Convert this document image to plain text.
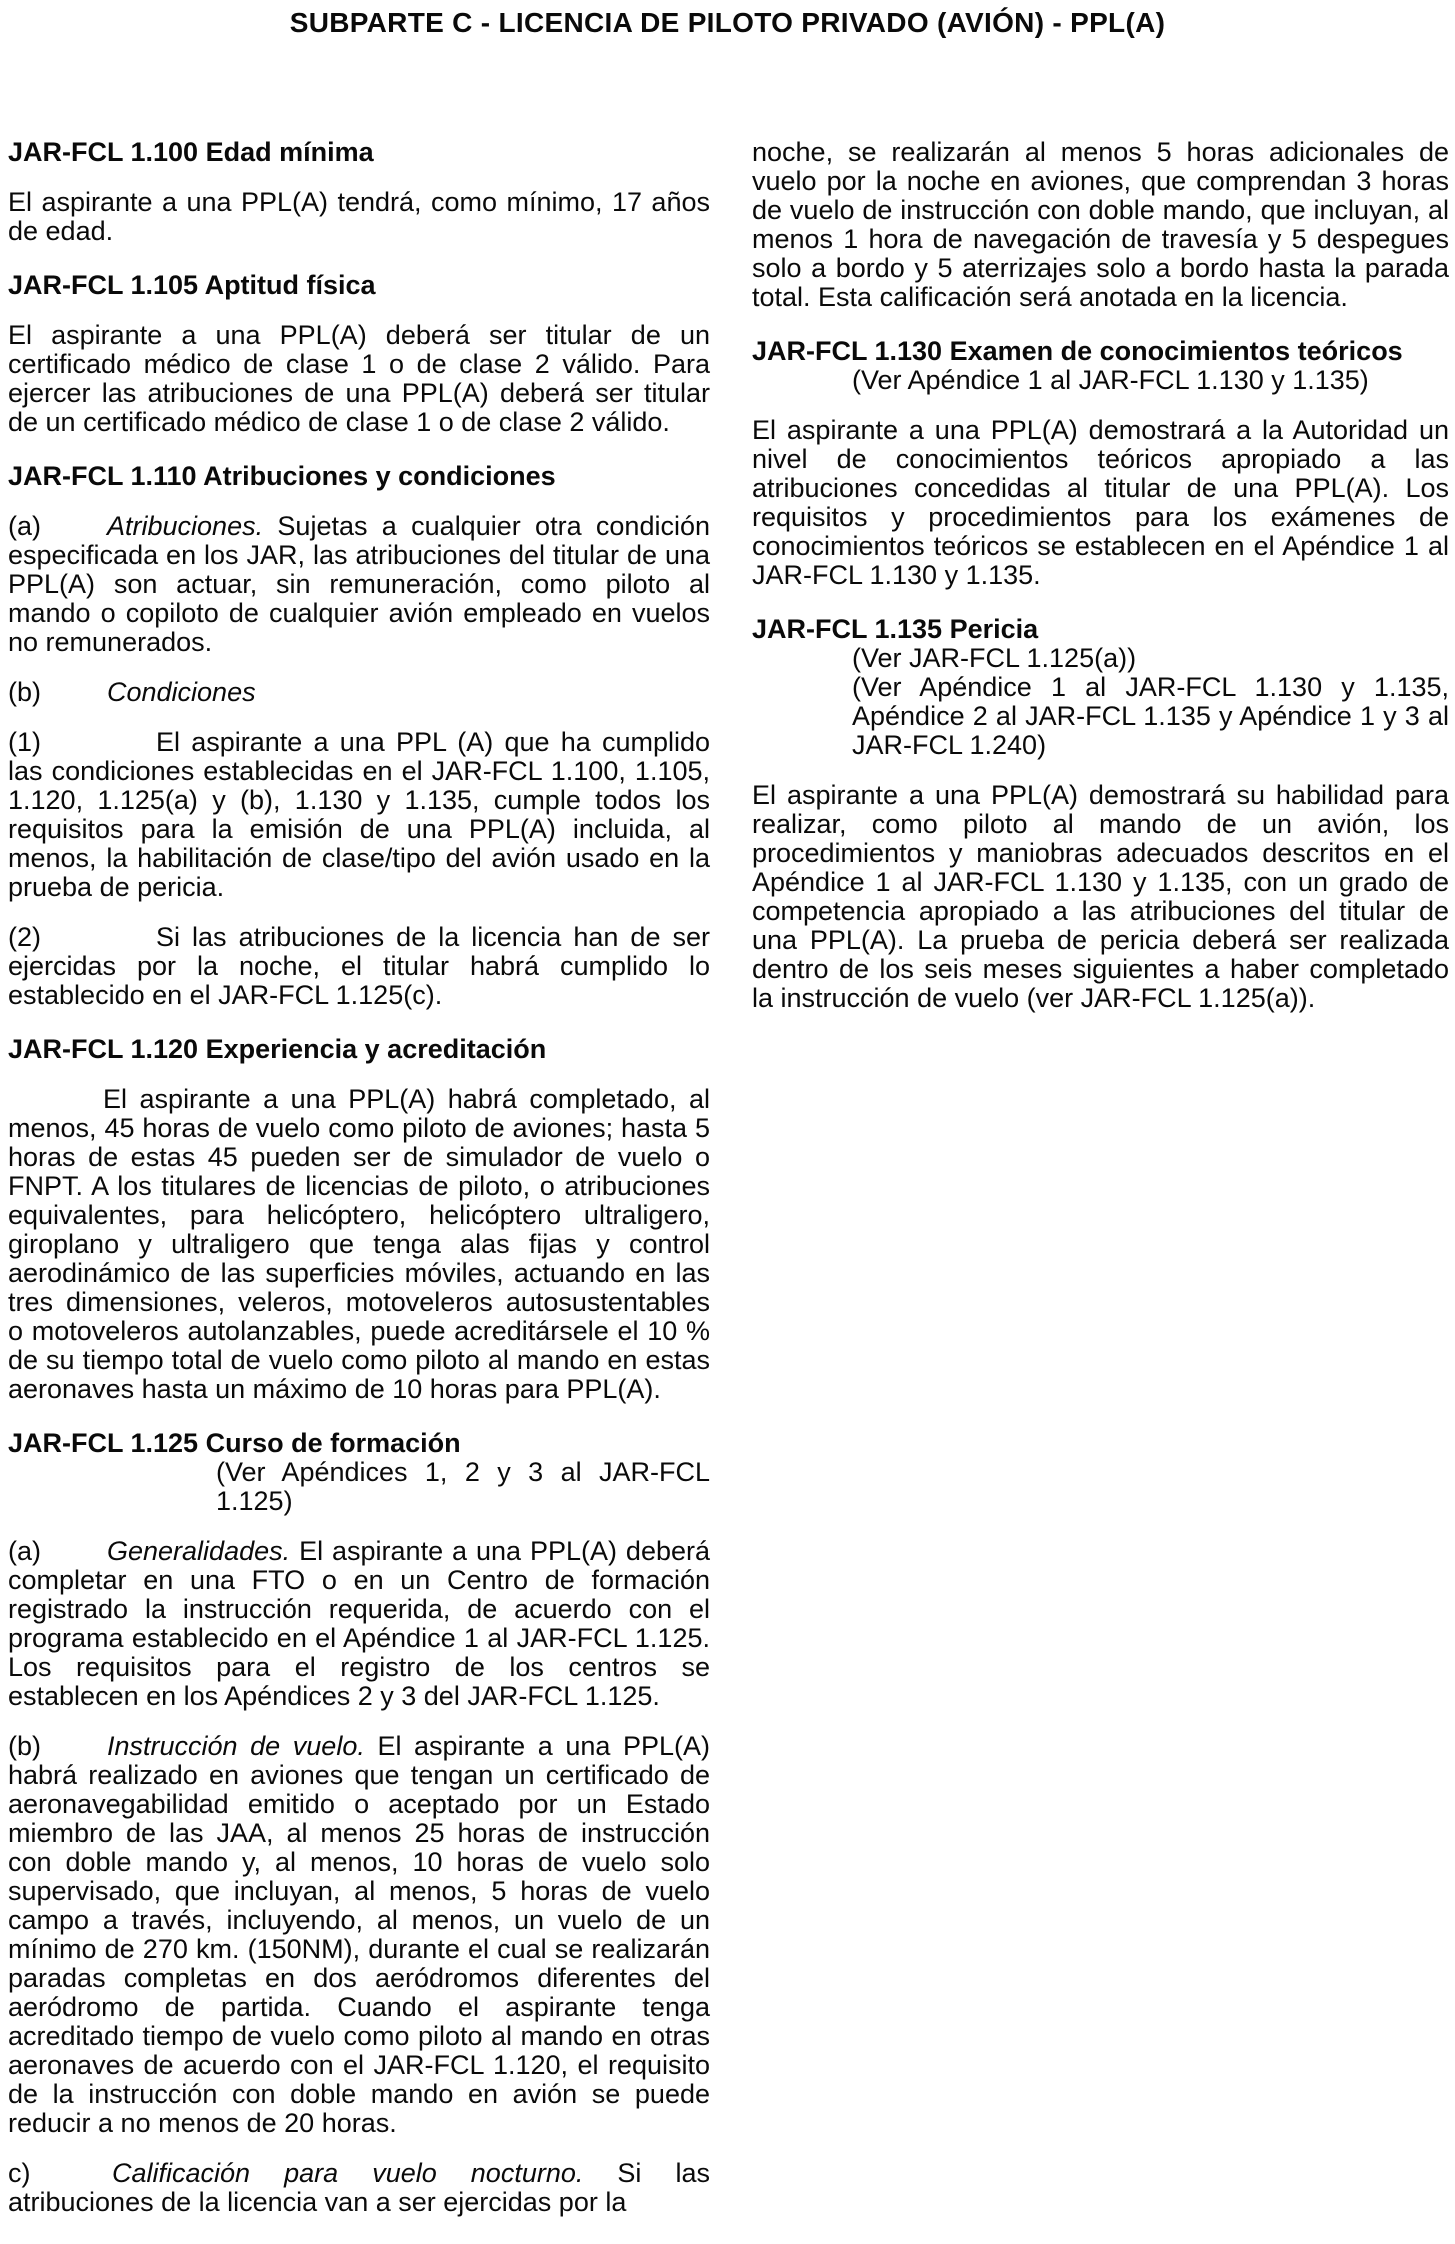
SUBPARTE C - LICENCIA DE PILOTO PRIVADO (AVIÓN) - PPL(A)

JAR-FCL 1.100 Edad mínima

El aspirante a una PPL(A) tendrá, como mínimo, 17 años de edad.

JAR-FCL 1.105 Aptitud física

El aspirante a una PPL(A) deberá ser titular de un certificado médico de clase 1 o de clase 2 válido. Para ejercer las atribuciones de una PPL(A) deberá ser titular de un certificado médico de clase 1 o de clase 2 válido.

JAR-FCL 1.110 Atribuciones y condiciones

(a) Atribuciones. Sujetas a cualquier otra condición especificada en los JAR, las atribuciones del titular de una PPL(A) son actuar, sin remuneración, como piloto al mando o copiloto de cualquier avión empleado en vuelos no remunerados.

(b) Condiciones

(1)	El aspirante a una PPL (A) que ha cumplido las condiciones establecidas en el JAR-FCL 1.100, 1.105, 1.120, 1.125(a) y (b), 1.130 y 1.135, cumple todos los requisitos para la emisión de una PPL(A) incluida, al menos, la habilitación de clase/tipo del avión usado en la prueba de pericia.

(2)	Si las atribuciones de la licencia han de ser ejercidas por la noche, el titular habrá cumplido lo establecido en el JAR-FCL 1.125(c).

JAR-FCL 1.120 Experiencia y acreditación

El aspirante a una PPL(A) habrá completado, al menos, 45 horas de vuelo como piloto de aviones; hasta 5 horas de estas 45 pueden ser de simulador de vuelo o FNPT. A los titulares de licencias de piloto, o atribuciones equivalentes, para helicóptero, helicóptero ultraligero, giroplano y ultraligero que tenga alas fijas y control aerodinámico de las superficies móviles, actuando en las tres dimensiones, veleros, motoveleros autosustentables o motoveleros autolanzables, puede acreditársele el 10 % de su tiempo total de vuelo como piloto al mando en estas aeronaves hasta un máximo de 10 horas para PPL(A).

JAR-FCL 1.125 Curso de formación

(Ver Apéndices 1, 2 y 3 al JAR-FCL 1.125)

(a) Generalidades. El aspirante a una PPL(A) deberá completar en una FTO o en un Centro de formación registrado la instrucción requerida, de acuerdo con el programa establecido en el Apéndice 1 al JAR-FCL 1.125. Los requisitos para el registro de los centros se establecen en los Apéndices 2 y 3 del JAR-FCL 1.125.

(b) Instrucción de vuelo. El aspirante a una PPL(A) habrá realizado en aviones que tengan un certificado de aeronavegabilidad emitido o aceptado por un Estado miembro de las JAA, al menos 25 horas de instrucción con doble mando y, al menos, 10 horas de vuelo solo supervisado, que incluyan, al menos, 5 horas de vuelo campo a través, incluyendo, al menos, un vuelo de un mínimo de 270 km. (150NM), durante el cual se realizarán paradas completas en dos aeródromos diferentes del aeródromo de partida. Cuando el aspirante tenga acreditado tiempo de vuelo como piloto al mando en otras aeronaves de acuerdo con el JAR-FCL 1.120, el requisito de la instrucción con doble mando en avión se puede reducir a no menos de 20 horas.

c)	Calificación para vuelo nocturno. Si las atribuciones de la licencia van a ser ejercidas por la

noche, se realizarán al menos 5 horas adicionales de vuelo por la noche en aviones, que comprendan 3 horas de vuelo de instrucción con doble mando, que incluyan, al menos 1 hora de navegación de travesía y 5 despegues solo a bordo y 5 aterrizajes solo a bordo hasta la parada total. Esta calificación será anotada en la licencia.

JAR-FCL 1.130 Examen de conocimientos teóricos

(Ver Apéndice 1 al JAR-FCL 1.130 y 1.135)

El aspirante a una PPL(A) demostrará a la Autoridad un nivel de conocimientos teóricos apropiado a las atribuciones concedidas al titular de una PPL(A). Los requisitos y procedimientos para los exámenes de conocimientos teóricos se establecen en el Apéndice 1 al JAR-FCL 1.130 y 1.135.

JAR-FCL 1.135 Pericia

(Ver JAR-FCL 1.125(a))

(Ver Apéndice 1 al JAR-FCL 1.130 y 1.135, Apéndice 2 al JAR-FCL 1.135 y Apéndice 1 y 3 al JAR-FCL 1.240)

El aspirante a una PPL(A) demostrará su habilidad para realizar, como piloto al mando de un avión, los procedimientos y maniobras adecuados descritos en el Apéndice 1 al JAR-FCL 1.130 y 1.135, con un grado de competencia apropiado a las atribuciones del titular de una PPL(A). La prueba de pericia deberá ser realizada dentro de los seis meses siguientes a haber completado la instrucción de vuelo (ver JAR-FCL 1.125(a)).
